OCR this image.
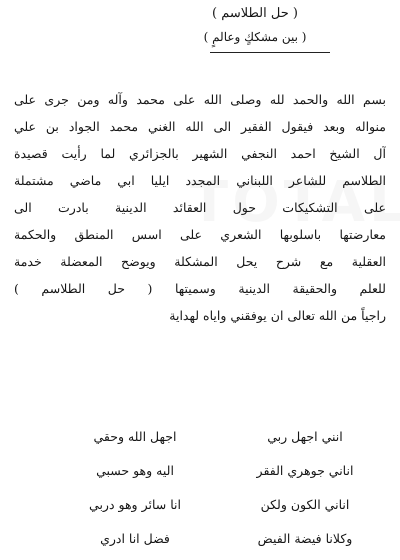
( حل الطلاسم )
( بين مشككٍ وعالمٍ )
بسم الله والحمد لله وصلى الله على محمد وآله ومن جرى على
منواله وبعد فيقول الفقير الى الله الغني محمد الجواد بن علي
آل الشيخ احمد النجفي الشهير بالجزائري لما رأيت قصيدة
الطلاسم للشاعر اللبناني المجدد ايليا ابي ماضي مشتملة
على التشكيكات حول العقائد الدينية بادرت الى
معارضتها باسلوبها الشعري على اسس المنطق والحكمة
العقلية مع شرح يحل المشكلة ويوضح المعضلة خدمة
للعلم والحقيقة الدينية وسميتها ( حل الطلاسم )
راجياً من الله تعالى ان يوفقني واياه لهداية
انني اجهل ربي
اجهل الله وحقي
اناني جوهري الفقر
اليه وهو حسبي
اناني الكون ولكن
انا سائر وهو دربي
وكلانا فيضة الفيض
فضل انا ادري
